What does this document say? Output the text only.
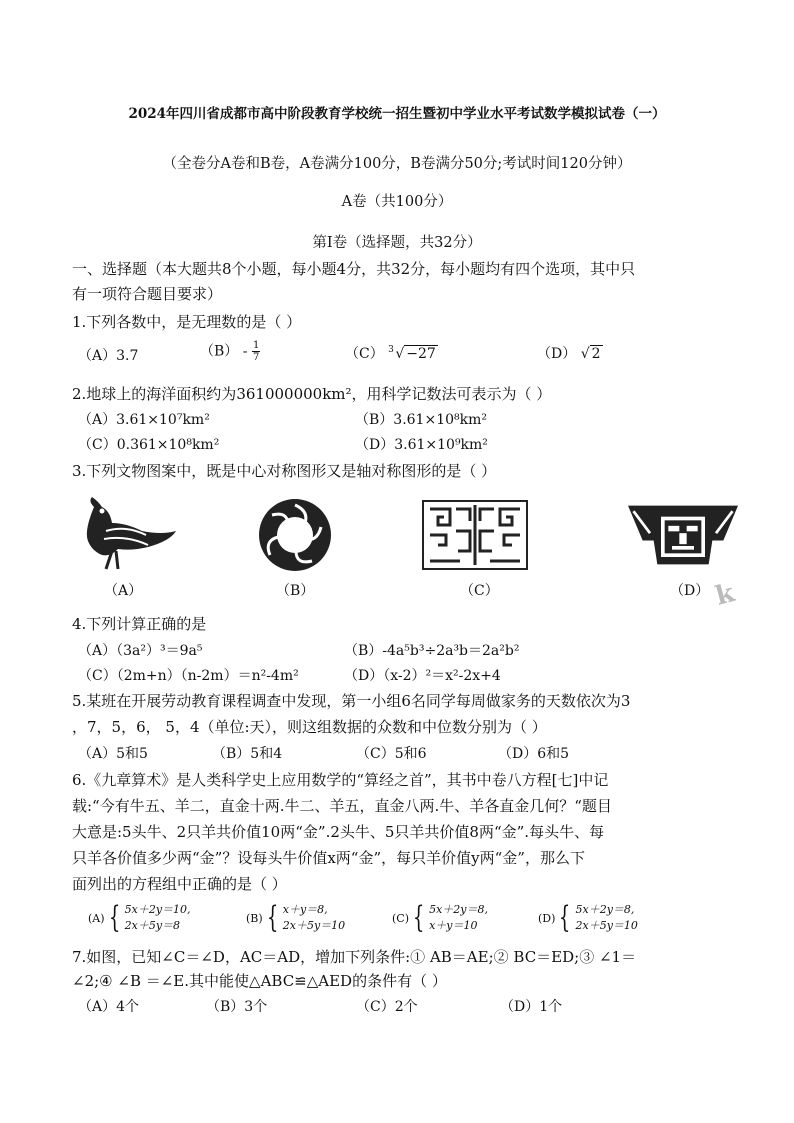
2024年四川省成都市高中阶段教育学校统一招生暨初中学业水平考试数学模拟试卷（一）
（全卷分A卷和B卷，A卷满分100分，B卷满分50分;考试时间120分钟）
A卷（共100分）
第Ⅰ卷（选择题，共32分）
一、选择题（本大题共8个小题，每小题4分，共32分，每小题均有四个选项，其中只
有一项符合题目要求）
1.下列各数中，是无理数的是（ ）
（A）3.7	$(B) - \frac{1}{7}$	（C） $^3$ √ −27	（D） √ 2
2.地球上的海洋面积约为361000000km²，用科学记数法可表示为（ ）
（A）3.61×10⁷km²	（B）3.61×10⁸km²
（C）0.361×10⁸km²	（D）3.61×10⁹km²
3.下列文物图案中，既是中心对称图形又是轴对称图形的是（ ）
（A）	（B）	（C）	（D）
4.下列计算正确的是
（A）（3a²）³＝9a⁵	（B）-4a⁵b³÷2a³b＝2a²b²
（C）（2m+n）（n-2m）＝n²-4m²	（D）（x-2）²＝x²-2x+4
5.某班在开展劳动教育课程调查中发现，第一小组6名同学每周做家务的天数依次为3
，7，5，6， 5，4（单位:天），则这组数据的众数和中位数分别为（ ）
（A）5和5	（B）5和4	（C）5和6	（D）6和5
6.《九章算术》是人类科学史上应用数学的“算经之首”，其书中卷八方程[七]中记
载:“今有牛五、羊二，直金十两.牛二、羊五，直金八两.牛、羊各直金几何？“题目
大意是:5头牛、2只羊共价值10两“金”.2头牛、5只羊共价值8两“金”.每头牛、每
只羊各价值多少两“金”？设每头牛价值x两“金”，每只羊价值y两“金”，那么下
面列出的方程组中正确的是（ ）
(A) { 5x＋2y＝10,
2x＋5y＝8
(B) { x＋y＝8,
2x＋5y＝10
(C) { 5x＋2y＝8,
x＋y＝10
(D) { 5x＋2y＝8,
2x＋5y＝10
7.如图，已知∠C＝∠D，AC＝AD，增加下列条件:① AB＝AE;② BC＝ED;③ ∠1＝
∠2;④ ∠B ＝∠E.其中能使△ABC≌△AED的条件有（ ）
（A）4个	（B）3个	（C）2个	（D）1个
k
